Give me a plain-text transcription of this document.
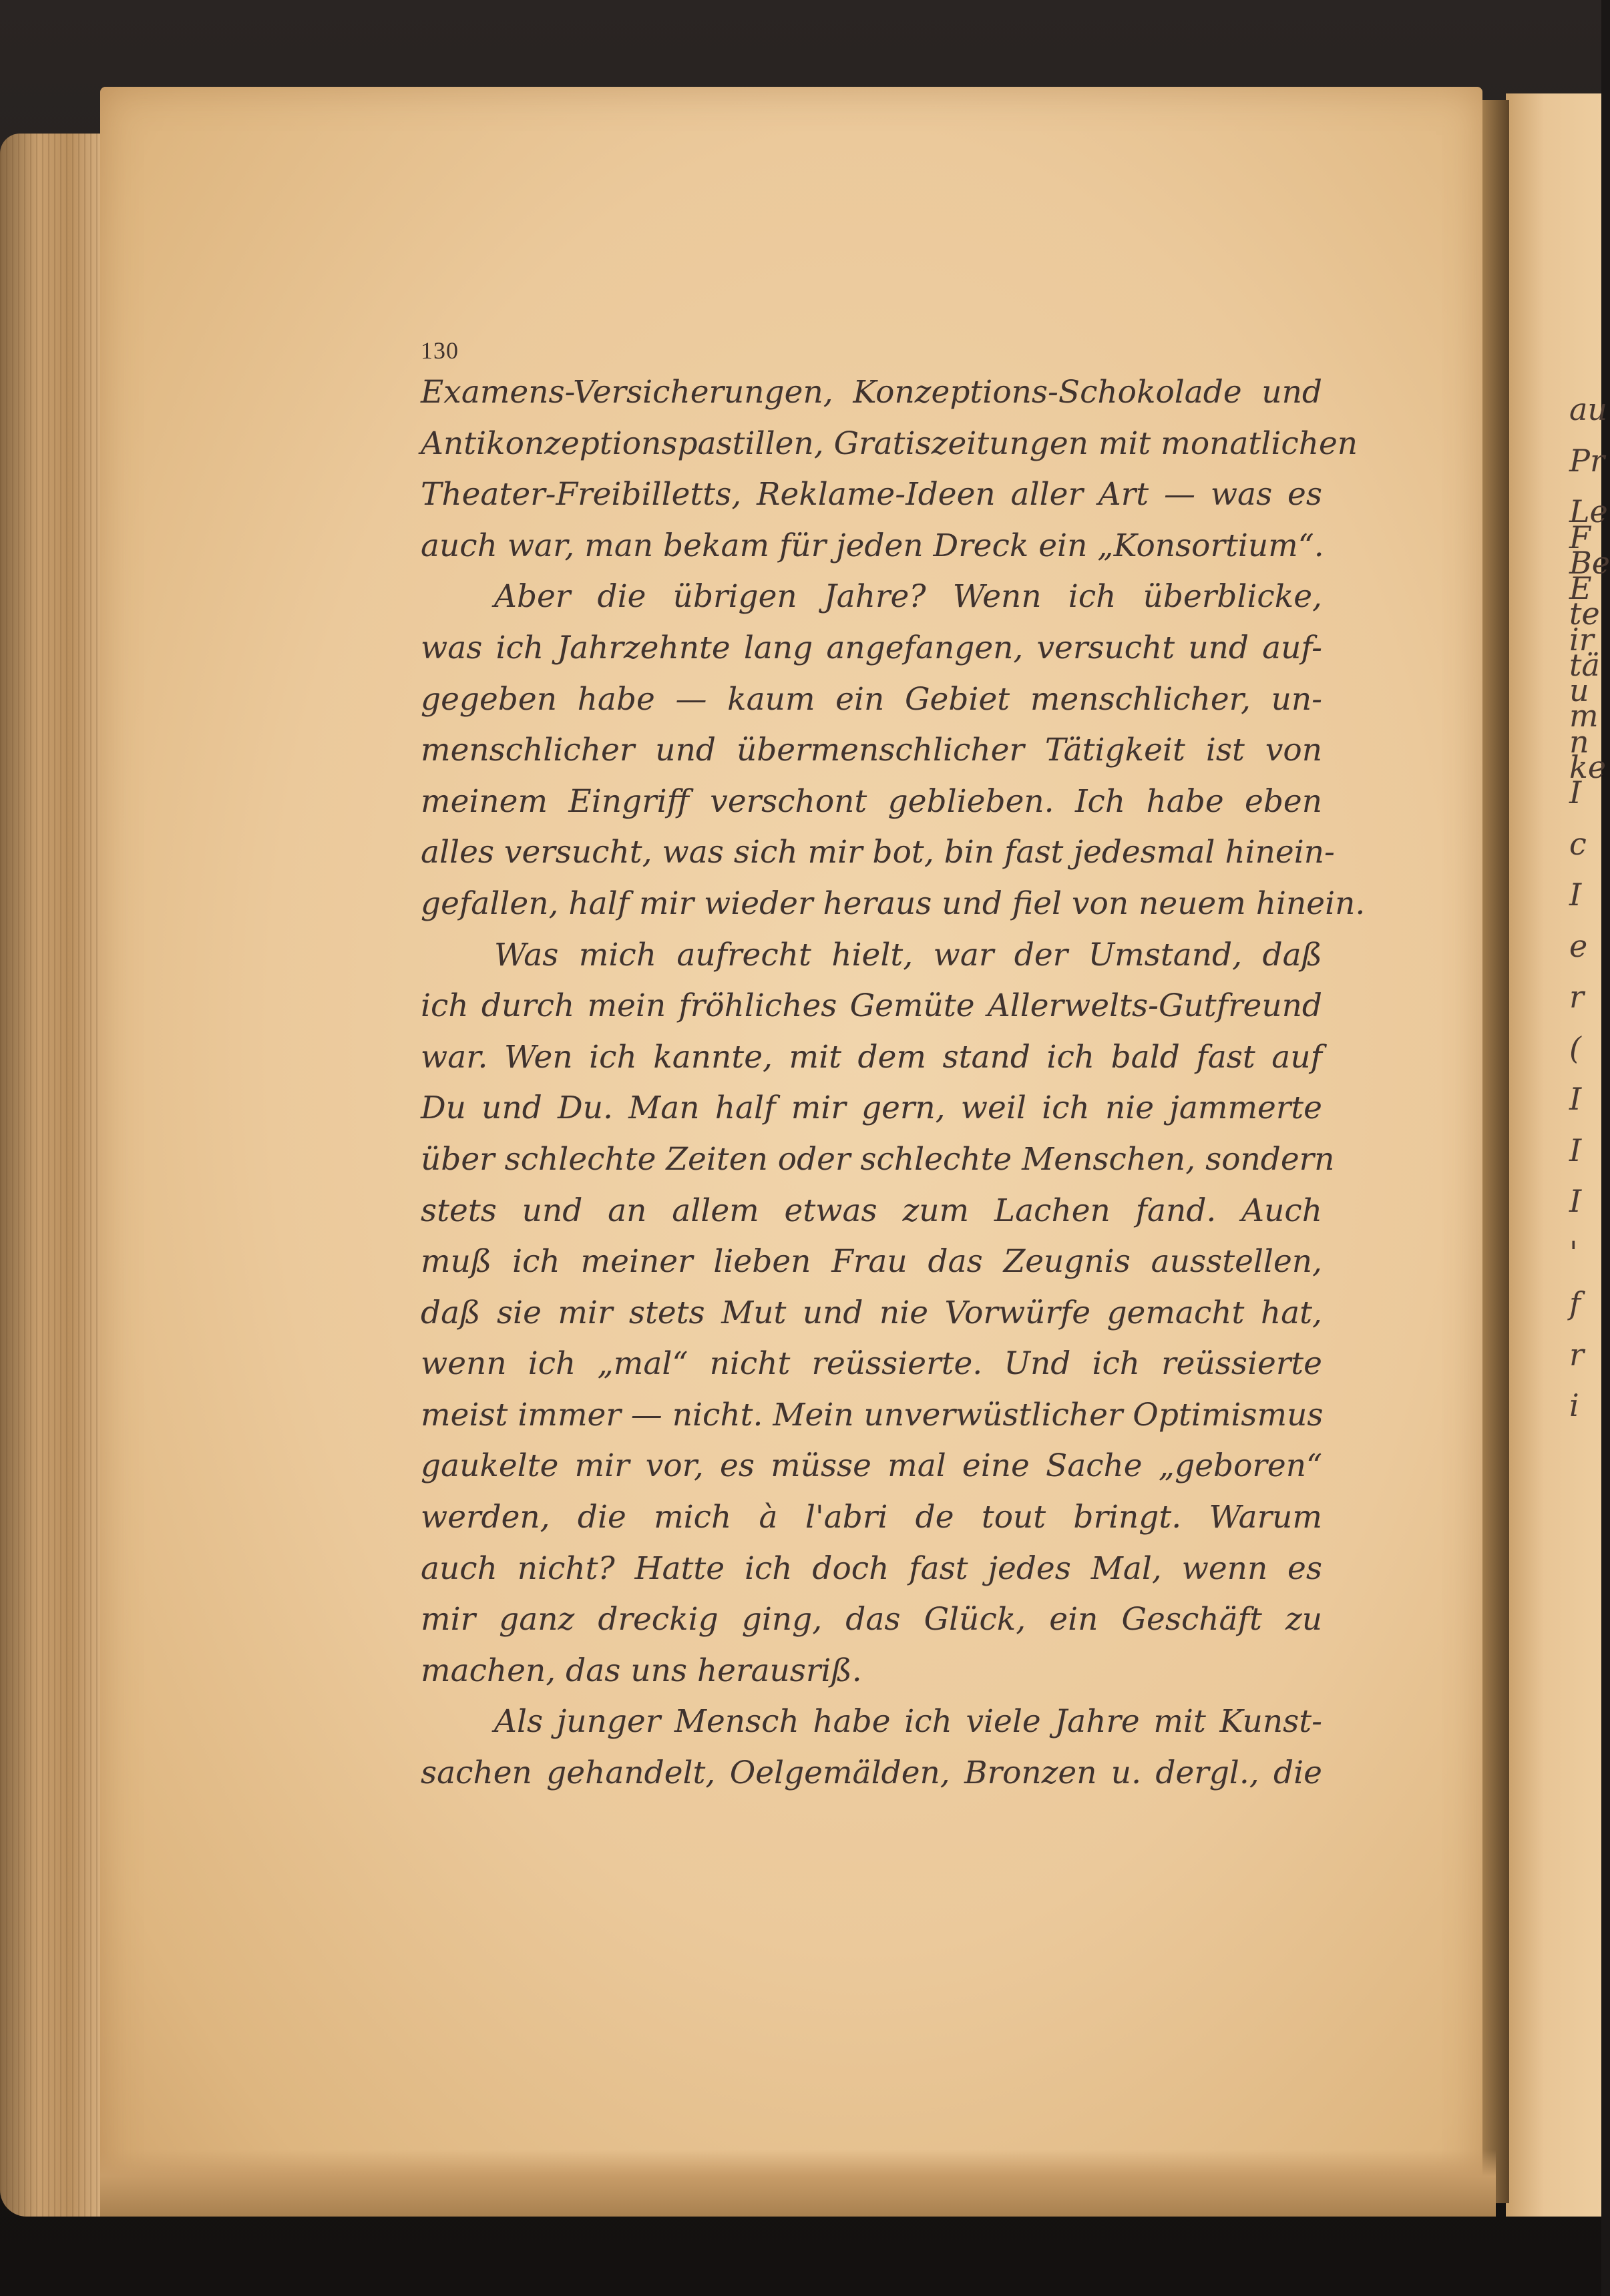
130
Examens-Versicherungen, Konzeptions-Schokolade und
Antikonzeptionspastillen, Gratiszeitungen mit monatlichen
Theater-Freibilletts, Reklame-Ideen aller Art — was es
auch war, man bekam für jeden Dreck ein „Konsortium“.
Aber die übrigen Jahre? Wenn ich überblicke,
was ich Jahrzehnte lang angefangen, versucht und auf-
gegeben habe — kaum ein Gebiet menschlicher, un-
menschlicher und übermenschlicher Tätigkeit ist von
meinem Eingriff verschont geblieben. Ich habe eben
alles versucht, was sich mir bot, bin fast jedesmal hinein-
gefallen, half mir wieder heraus und fiel von neuem hinein.
Was mich aufrecht hielt, war der Umstand, daß
ich durch mein fröhliches Gemüte Allerwelts-Gutfreund
war. Wen ich kannte, mit dem stand ich bald fast auf
Du und Du. Man half mir gern, weil ich nie jammerte
über schlechte Zeiten oder schlechte Menschen, sondern
stets und an allem etwas zum Lachen fand. Auch
muß ich meiner lieben Frau das Zeugnis ausstellen,
daß sie mir stets Mut und nie Vorwürfe gemacht hat,
wenn ich „mal“ nicht reüssierte. Und ich reüssierte
meist immer — nicht. Mein unverwüstlicher Optimismus
gaukelte mir vor, es müsse mal eine Sache „geboren“
werden, die mich à l'abri de tout bringt. Warum
auch nicht? Hatte ich doch fast jedes Mal, wenn es
mir ganz dreckig ging, das Glück, ein Geschäft zu
machen, das uns herausriß.
Als junger Mensch habe ich viele Jahre mit Kunst-
sachen gehandelt, Oelgemälden, Bronzen u. dergl., die
au
Pr
Le
Be
te
tä
m
ke
F
E
ir
u
n
I
c
I
e
r
(
I
I
I
'
f
r
i
